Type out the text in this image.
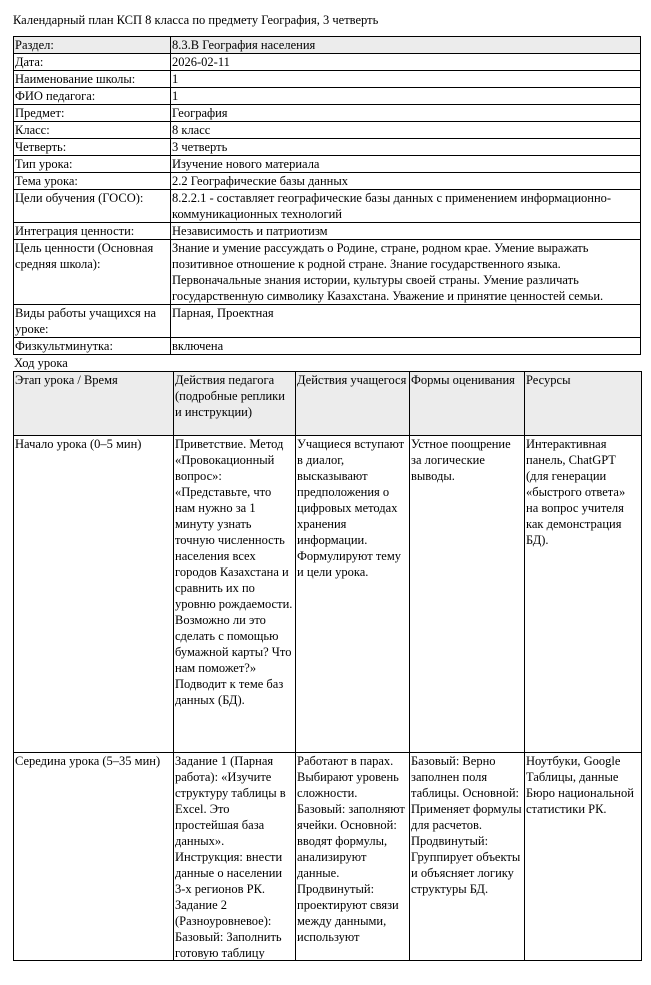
Календарный план КСП 8 класса по предмету География, 3 четверть
Раздел:	8.3.В География населения
Дата:	2026-02-11
Наименование школы:	1
ФИО педагога:	1
Предмет:	География
Класс:	8 класс
Четверть:	3 четверть
Тип урока:	Изучение нового материала
Тема урока:	2.2 Географические базы данных
Цели обучения (ГОСО):	8.2.2.1 - составляет географические базы данных с применением информационно-коммуникационных технологий
Интеграция ценности:	Независимость и патриотизм
Цель ценности (Основная средняя школа):	Знание и умение рассуждать о Родине, стране, родном крае. Умение выражать позитивное отношение к родной стране. Знание государственного языка. Первоначальные знания истории, культуры своей страны. Умение различать государственную символику Казахстана. Уважение и принятие ценностей семьи.
Виды работы учащихся на уроке:	Парная, Проектная
Физкультминутка:	включена
Ход урока
Этап урока / Время	Действия педагога (подробные реплики и инструкции)	Действия учащегося	Формы оценивания	Ресурсы
Начало урока (0–5 мин)	Приветствие. Метод «Провокационный вопрос»: «Представьте, что нам нужно за 1 минуту узнать точную численность населения всех городов Казахстана и сравнить их по уровню рождаемости. Возможно ли это сделать с помощью бумажной карты? Что нам поможет?» Подводит к теме баз данных (БД).	Учащиеся вступают в диалог, высказывают предположения о цифровых методах хранения информации. Формулируют тему и цели урока.	Устное поощрение за логические выводы.	Интерактивная панель, ChatGPT (для генерации «быстрого ответа» на вопрос учителя как демонстрация БД).

Середина урока (5–35 мин)	Задание 1 (Парная работа): «Изучите структуру таблицы в Excel. Это простейшая база данных». Инструкция: внести данные о населении 3-х регионов РК. Задание 2 (Разноуровневое): Базовый: Заполнить готовую таблицу	Работают в парах. Выбирают уровень сложности. Базовый: заполняют ячейки. Основной: вводят формулы, анализируют данные. Продвинутый: проектируют связи между данными, используют	Базовый: Верно заполнен поля таблицы. Основной: Применяет формулы для расчетов. Продвинутый: Группирует объекты и объясняет логику структуры БД.	Ноутбуки, Google Таблицы, данные Бюро национальной статистики РК.
